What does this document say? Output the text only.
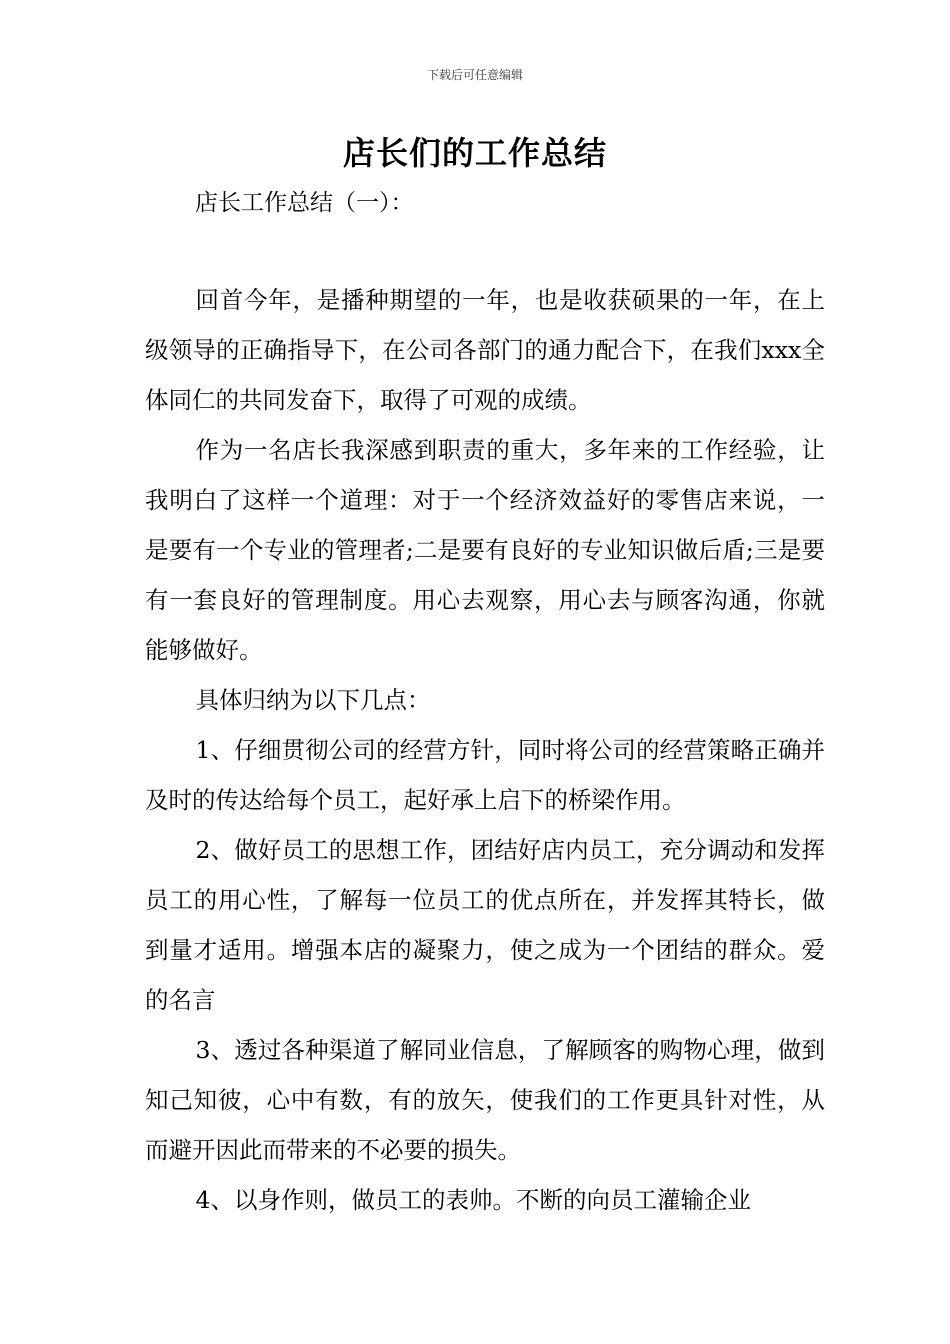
下载后可任意编辑
店长们的工作总结
店长工作总结（一）：

回首今年，是播种期望的一年，也是收获硕果的一年，在上级领导的正确指导下，在公司各部门的通力配合下，在我们xxx全体同仁的共同发奋下，取得了可观的成绩。

作为一名店长我深感到职责的重大，多年来的工作经验，让我明白了这样一个道理：对于一个经济效益好的零售店来说，一是要有一个专业的管理者;二是要有良好的专业知识做后盾;三是要有一套良好的管理制度。用心去观察，用心去与顾客沟通，你就能够做好。

具体归纳为以下几点：

1、仔细贯彻公司的经营方针，同时将公司的经营策略正确并及时的传达给每个员工，起好承上启下的桥梁作用。

2、做好员工的思想工作，团结好店内员工，充分调动和发挥员工的用心性，了解每一位员工的优点所在，并发挥其特长，做到量才适用。增强本店的凝聚力，使之成为一个团结的群众。爱的名言

3、透过各种渠道了解同业信息，了解顾客的购物心理，做到知己知彼，心中有数，有的放矢，使我们的工作更具针对性，从而避开因此而带来的不必要的损失。

4、以身作则，做员工的表帅。不断的向员工灌输企业
